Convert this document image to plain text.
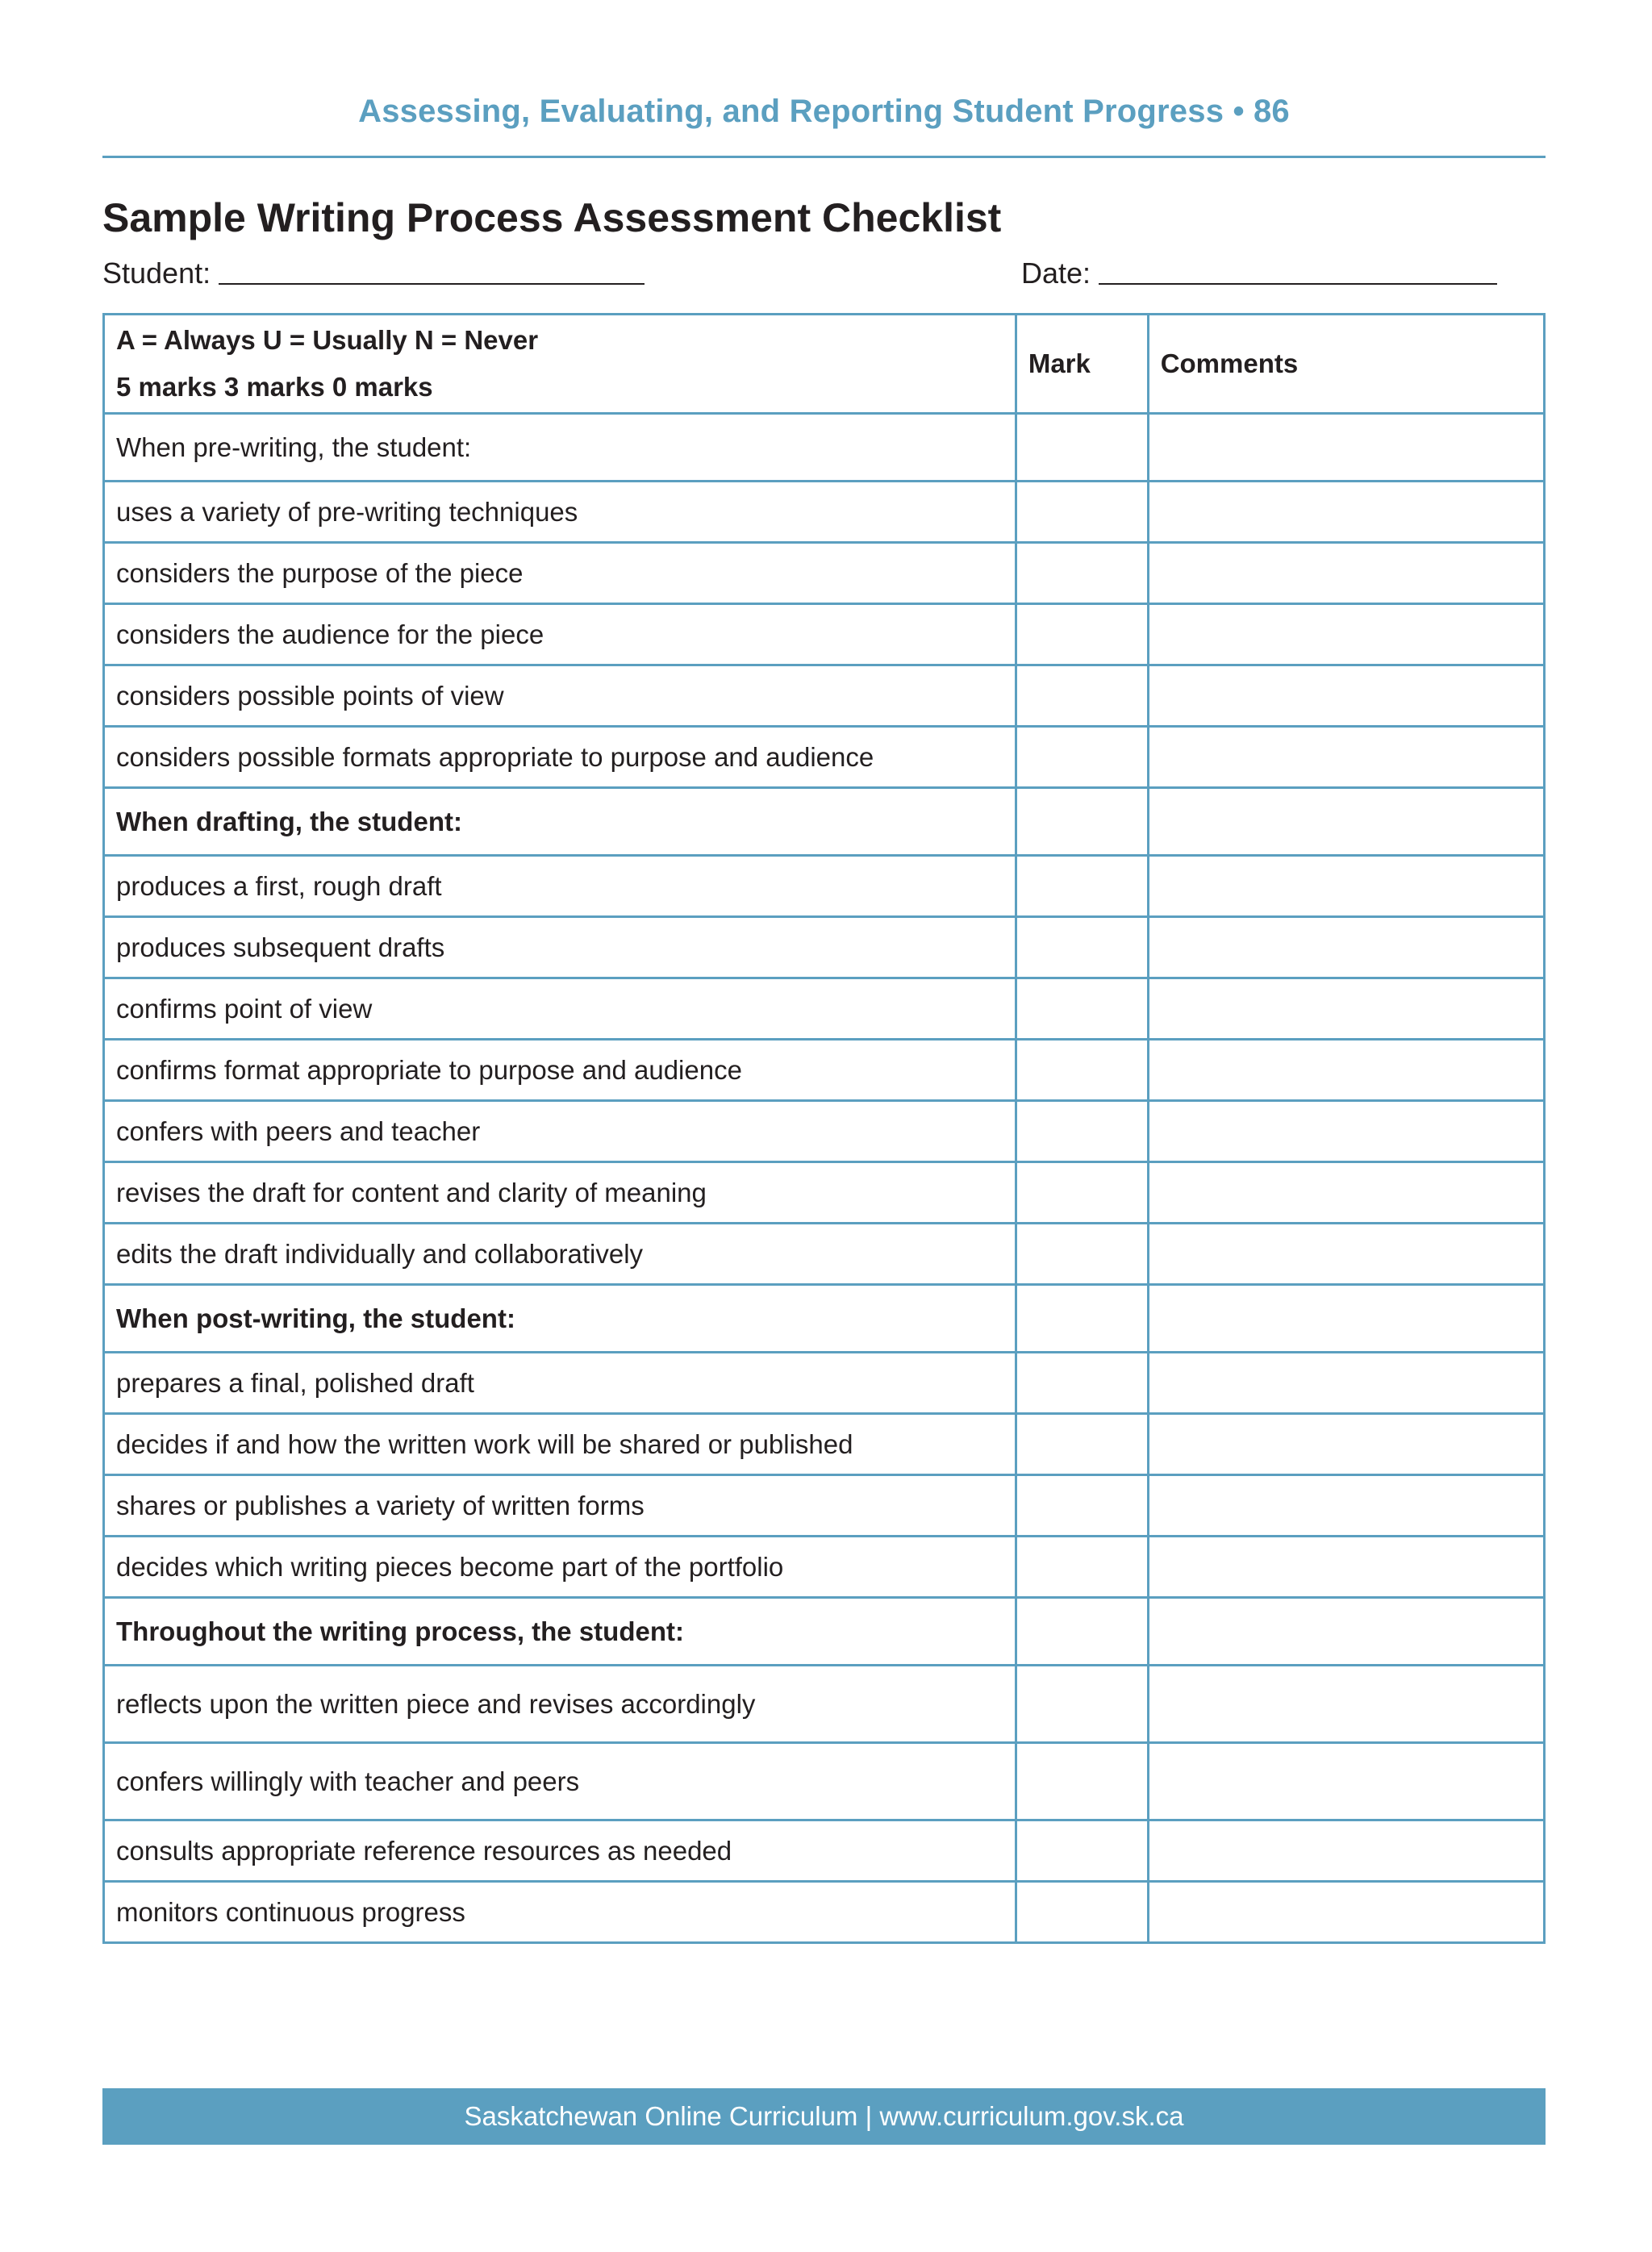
Assessing, Evaluating, and Reporting Student Progress • 86
Sample Writing Process Assessment Checklist
Student:	Date:
A = Always U = Usually N = Never
5 marks 3 marks 0 marks	Mark	Comments
When pre-writing, the student:		
uses a variety of pre-writing techniques		
considers the purpose of the piece		
considers the audience for the piece		
considers possible points of view		
considers possible formats appropriate to purpose and audience		
When drafting, the student:		
produces a first, rough draft		
produces subsequent drafts		
confirms point of view		
confirms format appropriate to purpose and audience		
confers with peers and teacher		
revises the draft for content and clarity of meaning		
edits the draft individually and collaboratively		
When post-writing, the student:		
prepares a final, polished draft		
decides if and how the written work will be shared or published		
shares or publishes a variety of written forms		
decides which writing pieces become part of the portfolio		
Throughout the writing process, the student:		
reflects upon the written piece and revises accordingly		
confers willingly with teacher and peers		
consults appropriate reference resources as needed		
monitors continuous progress		
Saskatchewan Online Curriculum | www.curriculum.gov.sk.ca
